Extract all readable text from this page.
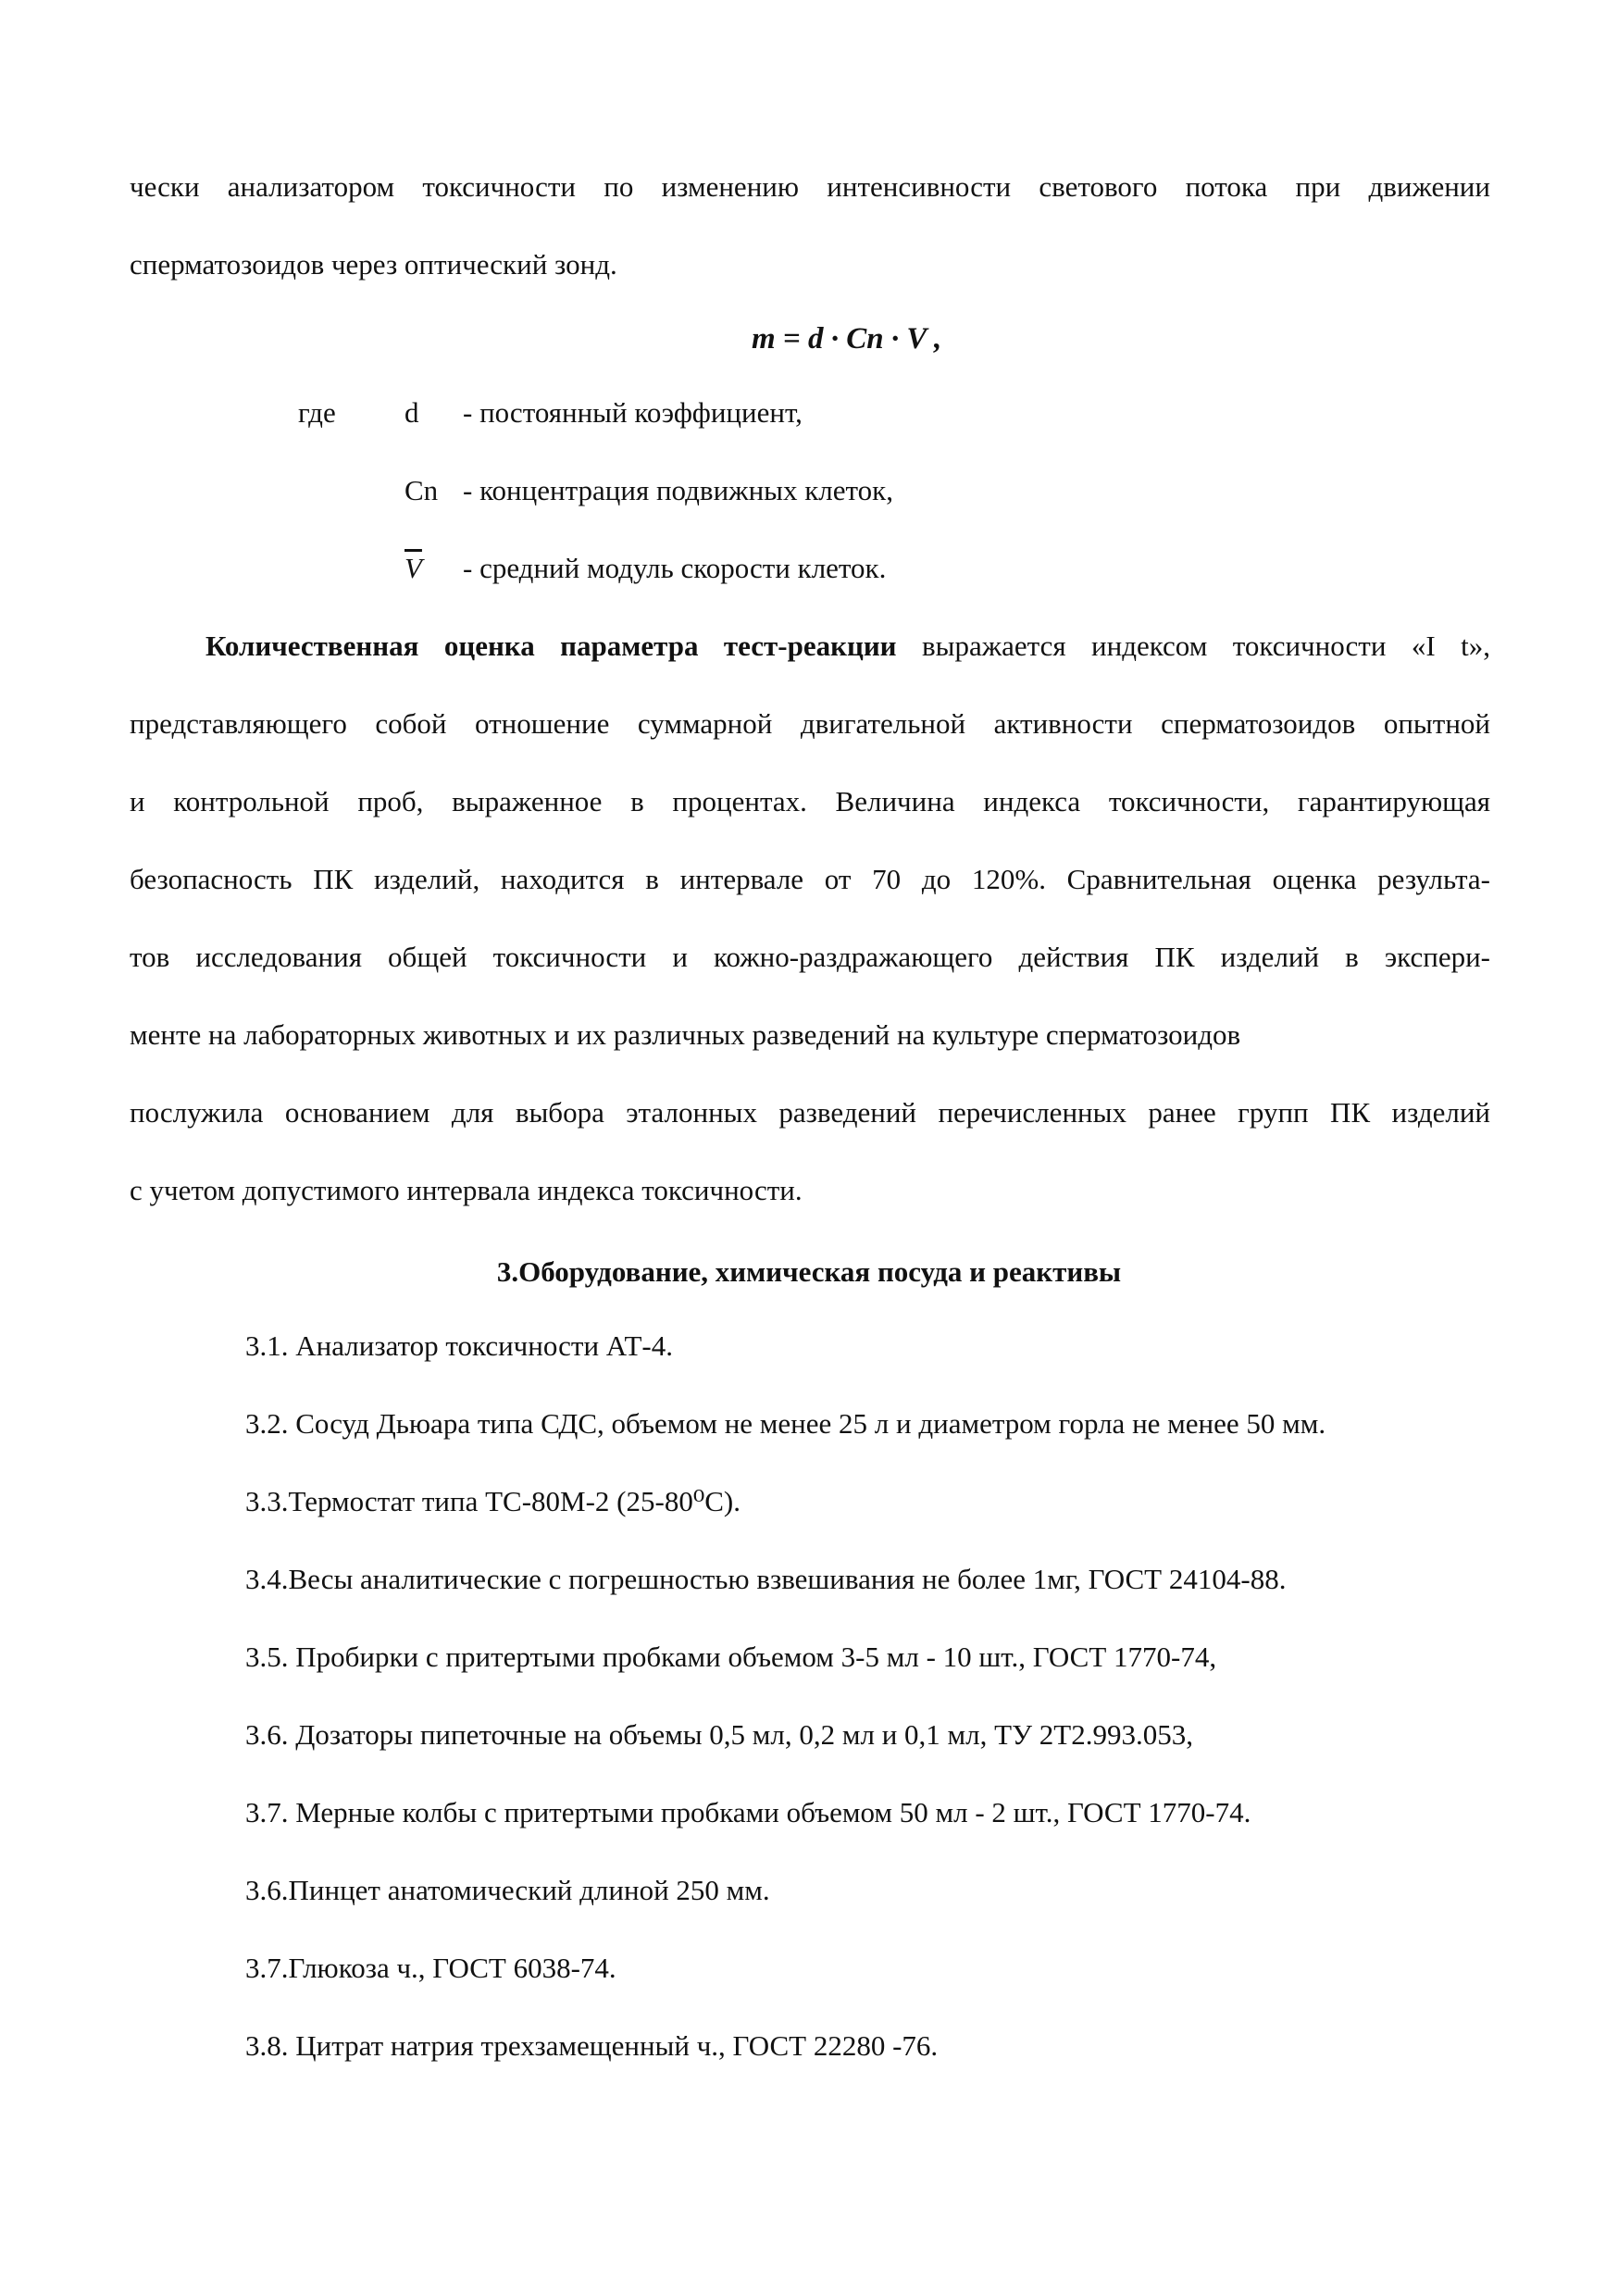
чески анализатором токсичности по изменению интенсивности светового потока при движении
сперматозоидов через оптический зонд.
m = d · Cn · V ,
где d - постоянный коэффициент,
Cn - концентрация подвижных клеток,
$\overline{V}$ - средний модуль скорости клеток.
Количественная оценка параметра тест-реакции выражается индексом токсичности «I t»,
представляющего собой отношение суммарной двигательной активности сперматозоидов опытной
и контрольной проб, выраженное в процентах. Величина индекса токсичности, гарантирующая
безопасность ПК изделий, находится в интервале от 70 до 120%. Сравнительная оценка результа-
тов исследования общей токсичности и кожно-раздражающего действия ПК изделий в экспери-
менте на лабораторных животных и их различных разведений на культуре сперматозоидов
послужила основанием для выбора эталонных разведений перечисленных ранее групп ПК изделий
с учетом допустимого интервала индекса токсичности.
3.Оборудование, химическая посуда и реактивы
3.1. Анализатор токсичности АТ-4.
3.2. Сосуд Дьюара типа СДС, объемом не менее 25 л и диаметром горла не менее 50 мм.
3.3.Термостат типа ТС-80М-2 (25-80⁰С).
3.4.Весы аналитические с погрешностью взвешивания не более 1мг, ГОСТ 24104-88.
3.5. Пробирки с притертыми пробками объемом 3-5 мл - 10 шт., ГОСТ 1770-74,
3.6. Дозаторы пипеточные на объемы 0,5 мл, 0,2 мл и 0,1 мл, ТУ 2Т2.993.053,
3.7. Мерные колбы с притертыми пробками объемом 50 мл - 2 шт., ГОСТ 1770-74.
3.6.Пинцет анатомический длиной 250 мм.
3.7.Глюкоза ч., ГОСТ 6038-74.
3.8. Цитрат натрия трехзамещенный ч., ГОСТ 22280 -76.
